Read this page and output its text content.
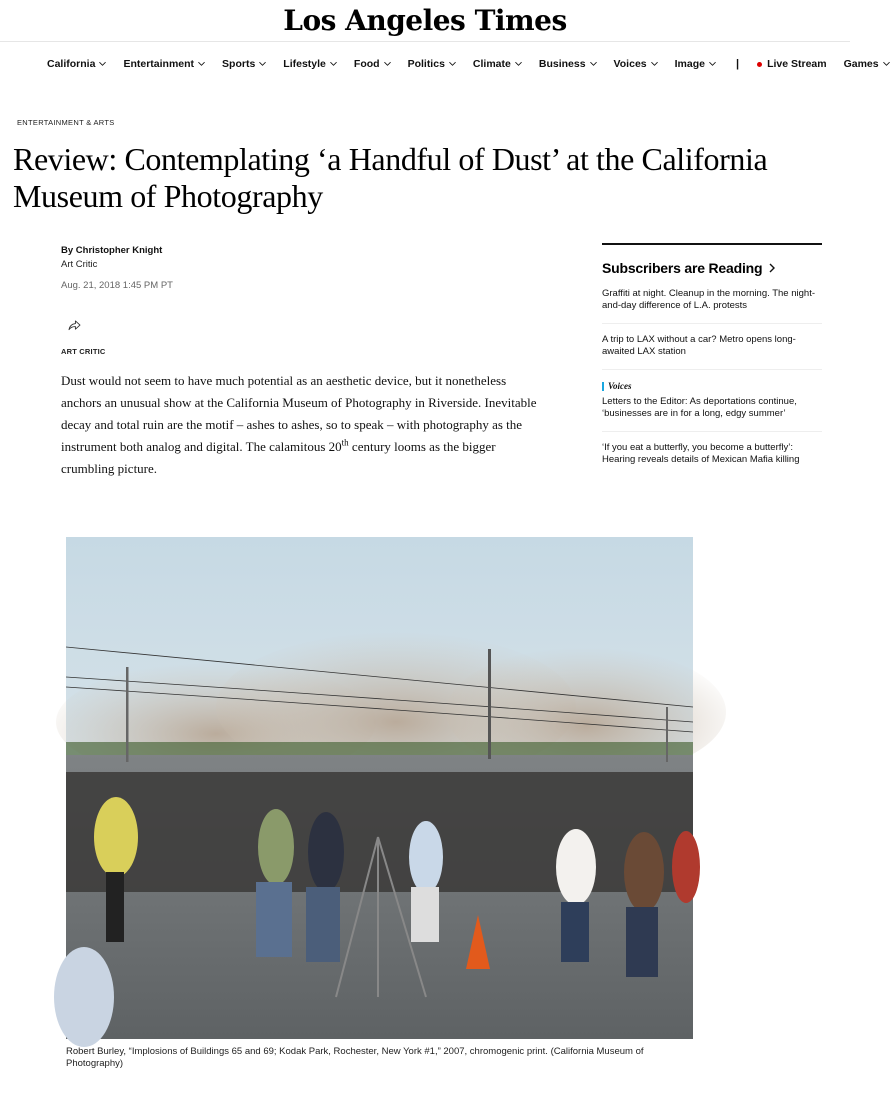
Los Angeles Times
California	Entertainment	Sports	Lifestyle	Food	Politics	Climate	Business	Voices	Image	|	Live Stream Games
ENTERTAINMENT & ARTS
Review: Contemplating ‘a Handful of Dust’ at the California Museum of Photography
By Christopher Knight
Art Critic
Aug. 21, 2018 1:45 PM PT
ART CRITIC

Dust would not seem to have much potential as an aesthetic device, but it nonetheless anchors an unusual show at the California Museum of Photography in Riverside. Inevitable decay and total ruin are the motif – ashes to ashes, so to speak – with photography as the instrument both analog and digital. The calamitous 20th century looms as the bigger crumbling picture.

Subscribers are Reading
Graffiti at night. Cleanup in the morning. The night-and-day difference of L.A. protests
A trip to LAX without a car? Metro opens long-awaited LAX station
Voices
Letters to the Editor: As deportations continue, ‘businesses are in for a long, edgy summer’
‘If you eat a butterfly, you become a butterfly’: Hearing reveals details of Mexican Mafia killing
Robert Burley, “Implosions of Buildings 65 and 69; Kodak Park, Rochester, New York #1,” 2007, chromogenic print. (California Museum of Photography)
